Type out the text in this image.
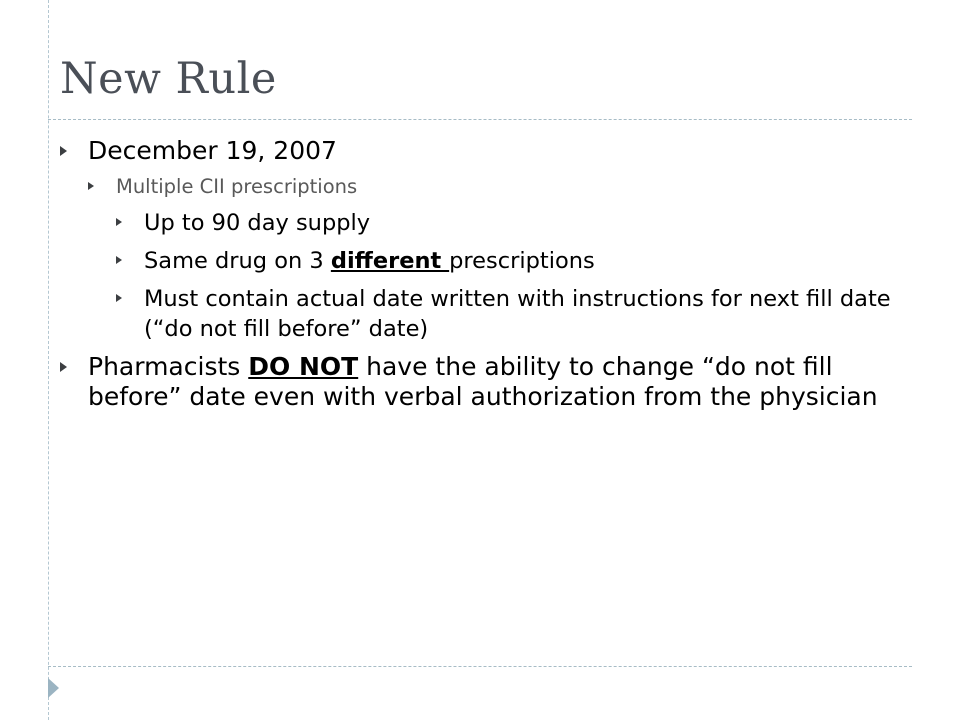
New Rule
December 19, 2007
Multiple CII prescriptions
Up to 90 day supply
Same drug on 3 different prescriptions
Must contain actual date written with instructions for next fill date (“do not fill before” date)
Pharmacists DO NOT have the ability to change “do not fill before” date even with verbal authorization from the physician
